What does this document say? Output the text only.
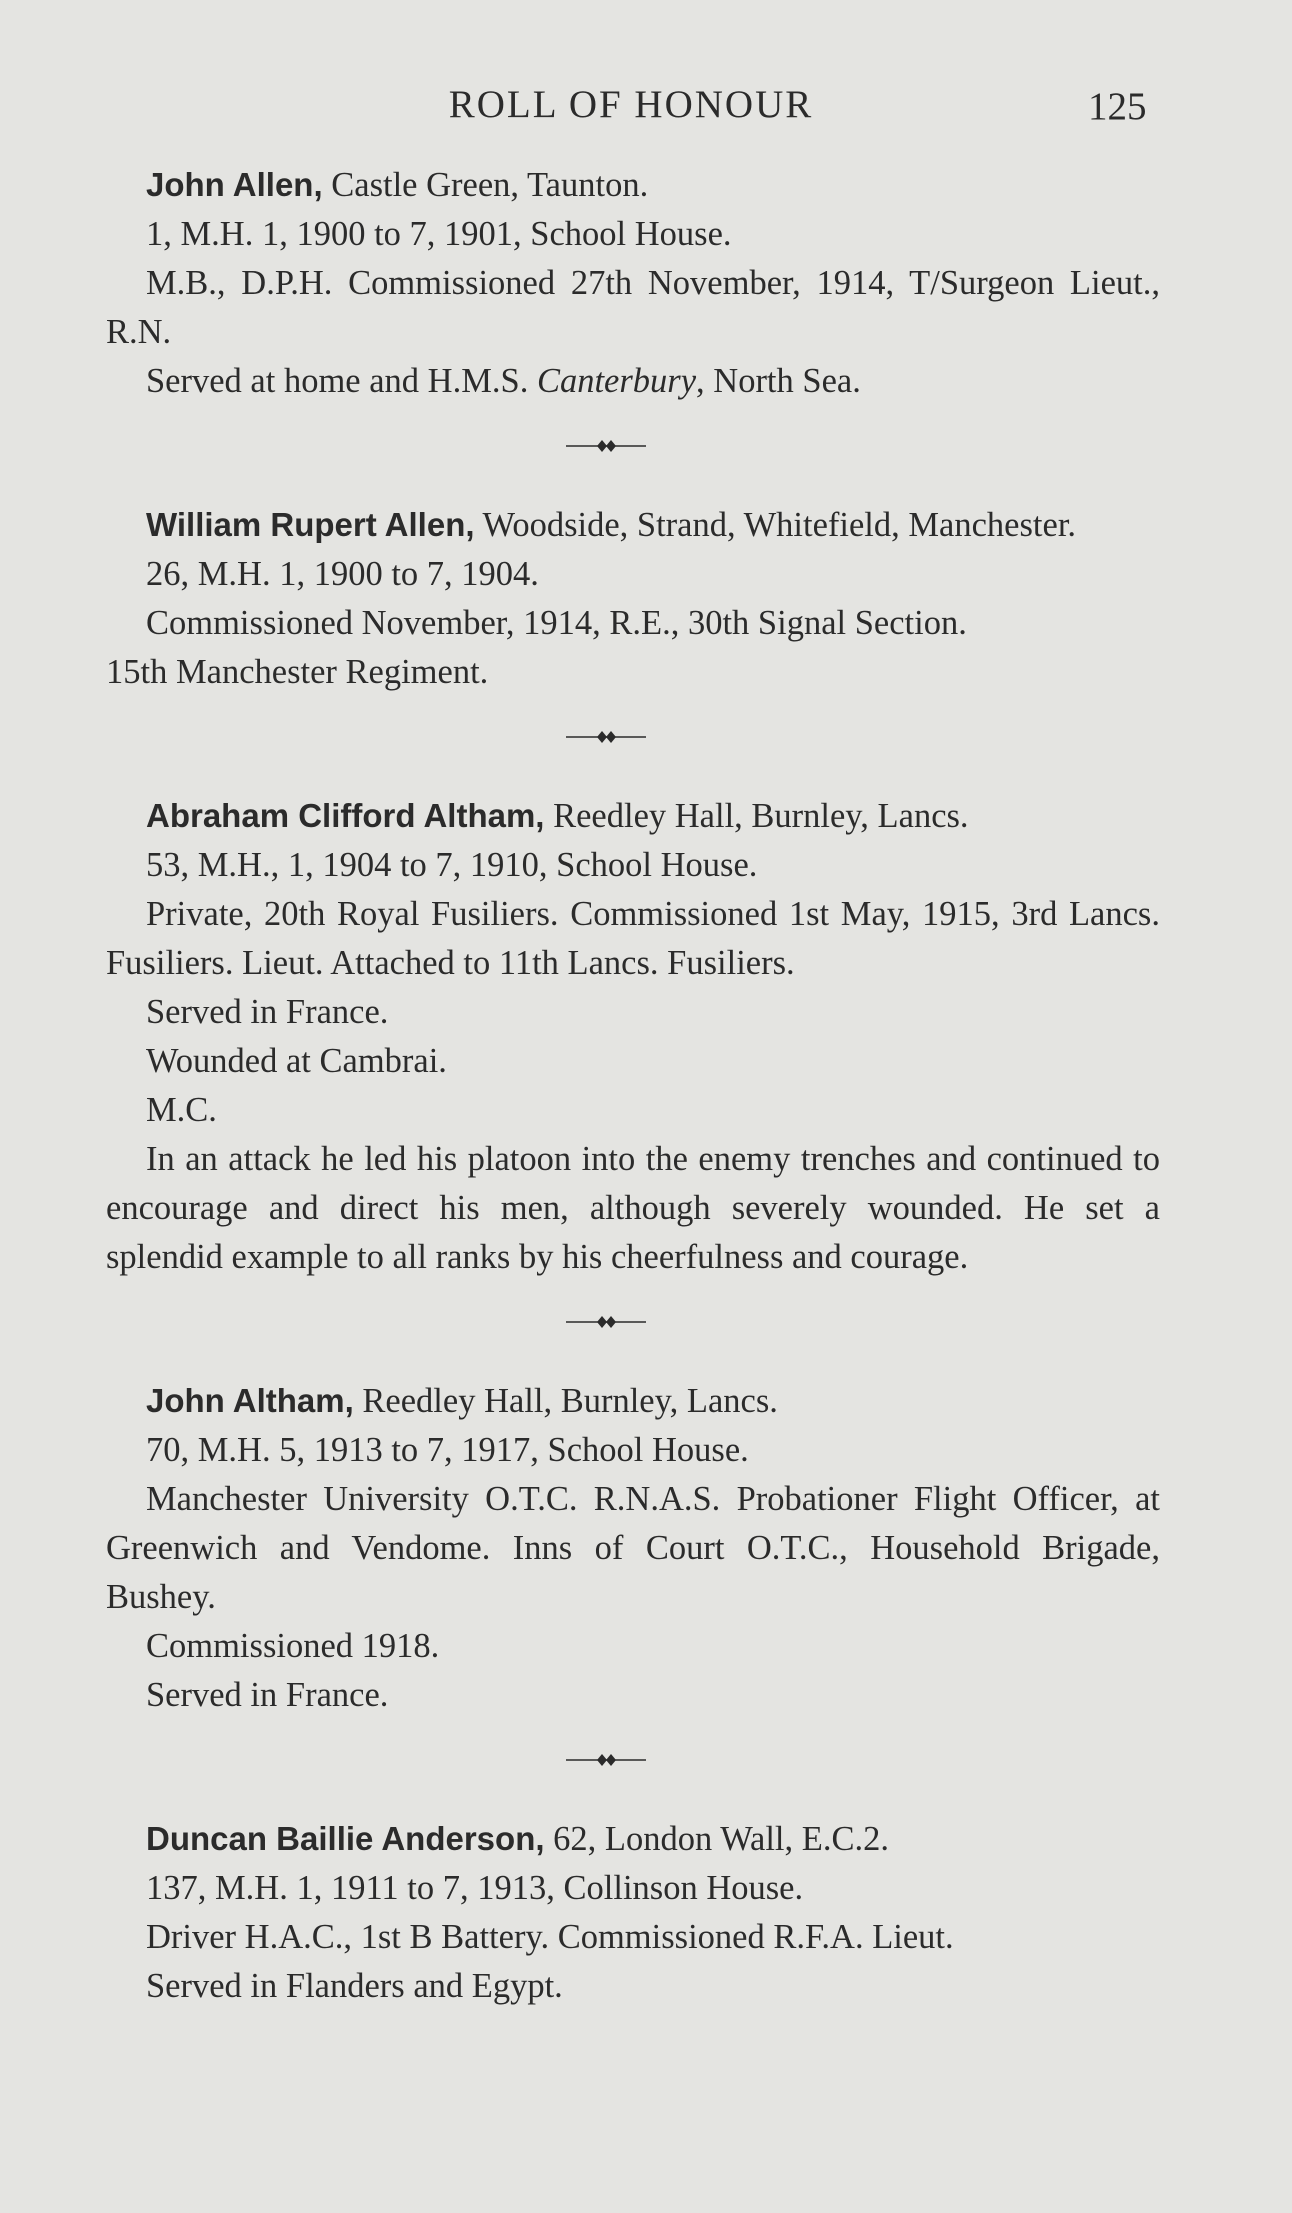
ROLL OF HONOUR	125

John Allen, Castle Green, Taunton.

1, M.H. 1, 1900 to 7, 1901, School House.

M.B., D.P.H. Commissioned 27th November, 1914, T/Surgeon Lieut., R.N.

Served at home and H.M.S. Canterbury, North Sea.

William Rupert Allen, Woodside, Strand, Whitefield, Manchester.

26, M.H. 1, 1900 to 7, 1904.

Commissioned November, 1914, R.E., 30th Signal Section.

15th Manchester Regiment.

Abraham Clifford Altham, Reedley Hall, Burnley, Lancs.

53, M.H., 1, 1904 to 7, 1910, School House.

Private, 20th Royal Fusiliers. Commissioned 1st May, 1915, 3rd Lancs. Fusiliers. Lieut. Attached to 11th Lancs. Fusiliers.

Served in France.

Wounded at Cambrai.

M.C.

In an attack he led his platoon into the enemy trenches and continued to encourage and direct his men, although severely wounded. He set a splendid example to all ranks by his cheerfulness and courage.

John Altham, Reedley Hall, Burnley, Lancs.

70, M.H. 5, 1913 to 7, 1917, School House.

Manchester University O.T.C. R.N.A.S. Probationer Flight Officer, at Greenwich and Vendome. Inns of Court O.T.C., Household Brigade, Bushey.

Commissioned 1918.

Served in France.

Duncan Baillie Anderson, 62, London Wall, E.C.2.

137, M.H. 1, 1911 to 7, 1913, Collinson House.

Driver H.A.C., 1st B Battery. Commissioned R.F.A. Lieut.

Served in Flanders and Egypt.
